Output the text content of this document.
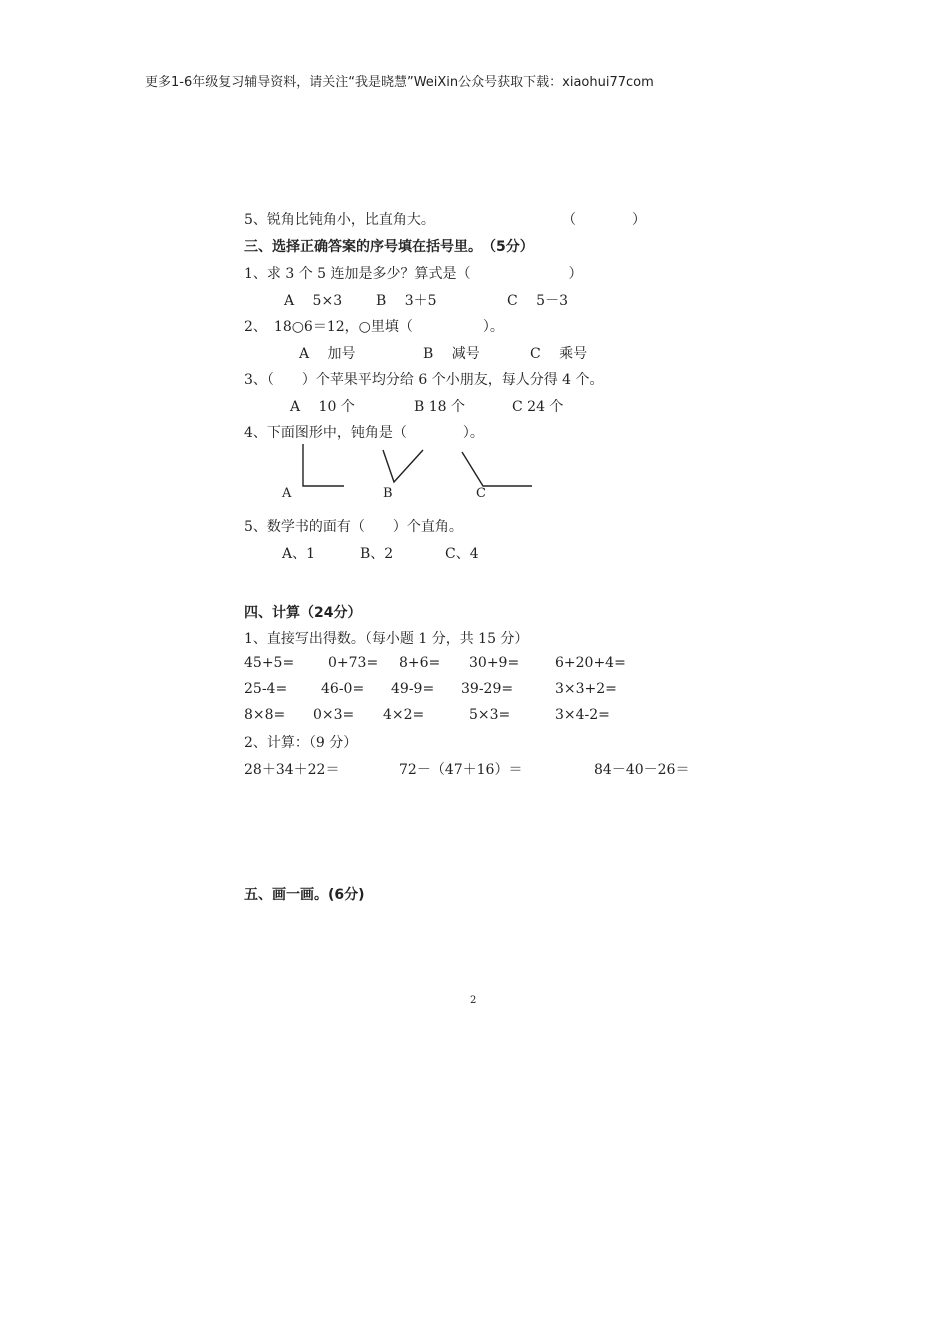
更多1-6年级复习辅导资料，请关注“我是晓慧”WeiXin公众号获取下载：xiaohui77com
5、锐角比钝角小，比直角大。	（　　　　）
三、选择正确答案的序号填在括号里。　（5分）
1、求 3 个 5 连加是多少？算式是（　　　　　　　）
A　 5×3 B　 3＋5	C　 5－3
2、　18○6＝12，○里填（　　　　　）。
A　 加号	B　 减号	C　 乘号
3、（　　）个苹果平均分给 6 个小朋友，每人分得 4 个。
A　 10 个	B 18 个	C 24 个
4、下面图形中，钝角是（　　　　）。
A	B	C
5、数学书的面有（　　）个直角。
A、1	B、2	C、4
四、计算（24分）
1、直接写出得数。（每小题 1 分，共 15 分）
45+5= 0+73= 8+6= 30+9=	6+20+4=
25-4= 46-0= 49-9= 39-29=	3×3+2=
8×8= 0×3= 4×2=	5×3=	3×4-2=
2、计算：（9 分）
28＋34＋22＝	72－（47＋16）＝	84－40－26＝
五、画一画。(6分)
2
